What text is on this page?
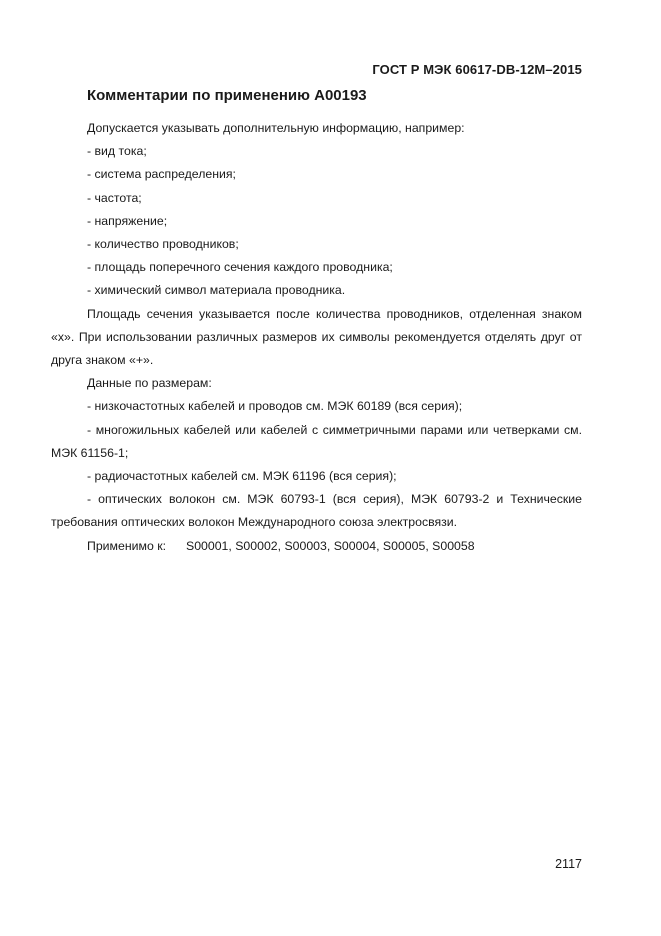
ГОСТ Р МЭК 60617-DB-12M–2015
Комментарии по применению A00193

Допускается указывать дополнительную информацию, например:

- вид тока;

- система распределения;

- частота;

- напряжение;

- количество проводников;

- площадь поперечного сечения каждого проводника;

- химический символ материала проводника.

Площадь сечения указывается после количества проводников, отделенная знаком «х». При использовании различных размеров их символы рекомендуется отделять друг от друга знаком «+».

Данные по размерам:

- низкочастотных кабелей и проводов см. МЭК 60189 (вся серия);

- многожильных кабелей или кабелей с симметричными парами или четверками см. МЭК 61156-1;

- радиочастотных кабелей см. МЭК 61196 (вся серия);

- оптических волокон см. МЭК 60793-1 (вся серия), МЭК 60793-2 и Технические требования оптических волокон Международного союза электросвязи.

Применимо к: S00001, S00002, S00003, S00004, S00005, S00058

2117
